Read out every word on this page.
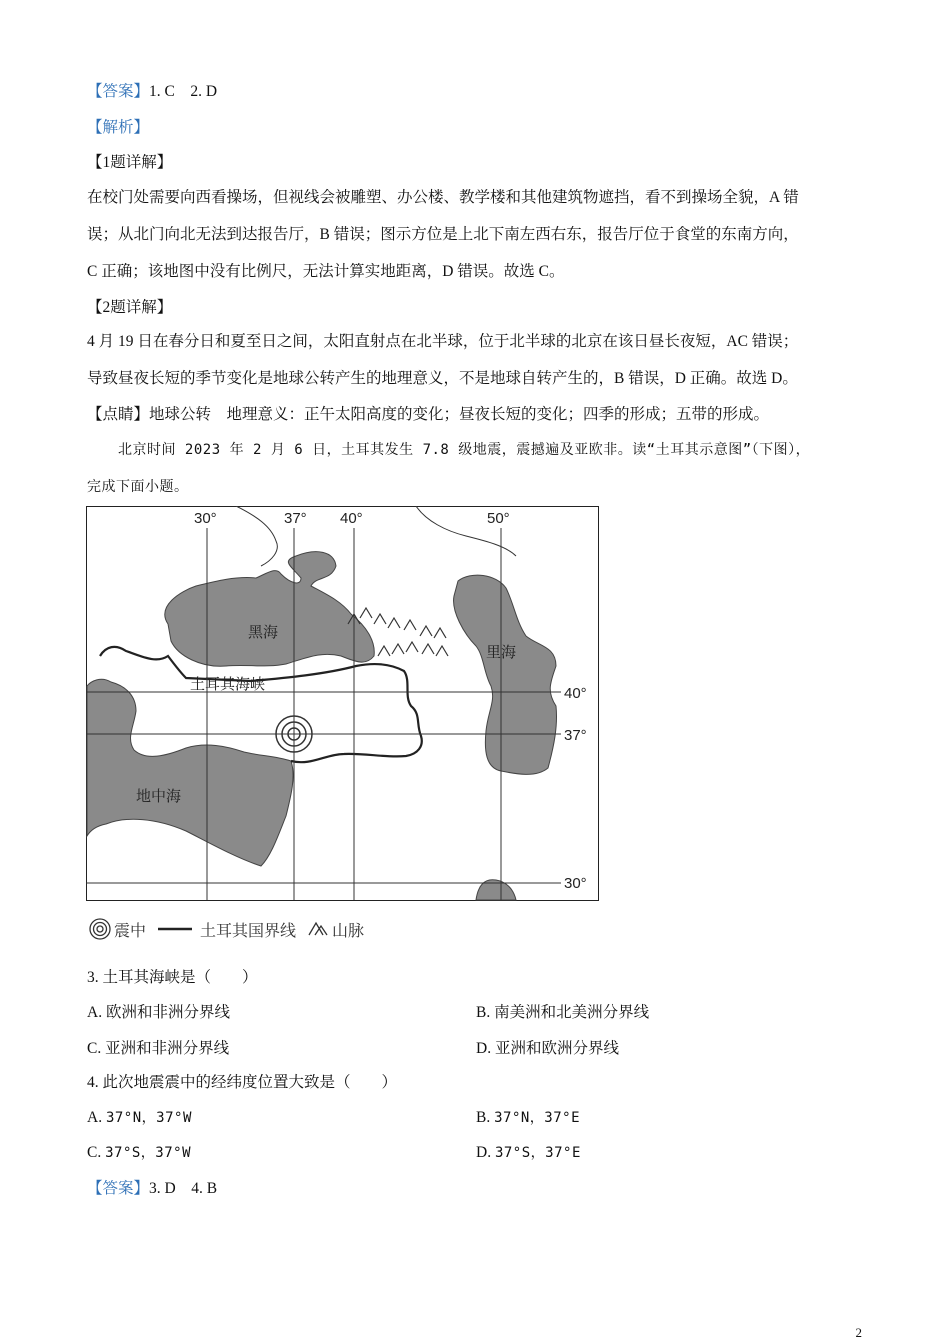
【答案】1. C　2. D
【解析】
【1题详解】
在校门处需要向西看操场，但视线会被雕塑、办公楼、教学楼和其他建筑物遮挡，看不到操场全貌，A 错
误；从北门向北无法到达报告厅，B 错误；图示方位是上北下南左西右东，报告厅位于食堂的东南方向，
C 正确；该地图中没有比例尺，无法计算实地距离，D 错误。故选 C。
【2题详解】
4 月 19 日在春分日和夏至日之间，太阳直射点在北半球，位于北半球的北京在该日昼长夜短，AC 错误；
导致昼夜长短的季节变化是地球公转产生的地理意义，不是地球自转产生的，B 错误，D 正确。故选 D。
【点睛】地球公转　地理意义：正午太阳高度的变化；昼夜长短的变化；四季的形成；五带的形成。
北京时间 2023 年 2 月 6 日，土耳其发生 7.8 级地震，震撼遍及亚欧非。读“土耳其示意图”（下图），
完成下面小题。
30°	37° 40°	50°
40°
37°
30°
黑海
里海
土耳其海峡
地中海
震中	土耳其国界线 山脉
3. 土耳其海峡是（　　）
A. 欧洲和非洲分界线	B. 南美洲和北美洲分界线
C. 亚洲和非洲分界线	D. 亚洲和欧洲分界线
4. 此次地震震中的经纬度位置大致是（　　）
A. 37°N，37°W	B. 37°N，37°E
C. 37°S，37°W	D. 37°S，37°E
【答案】3. D　4. B
2
